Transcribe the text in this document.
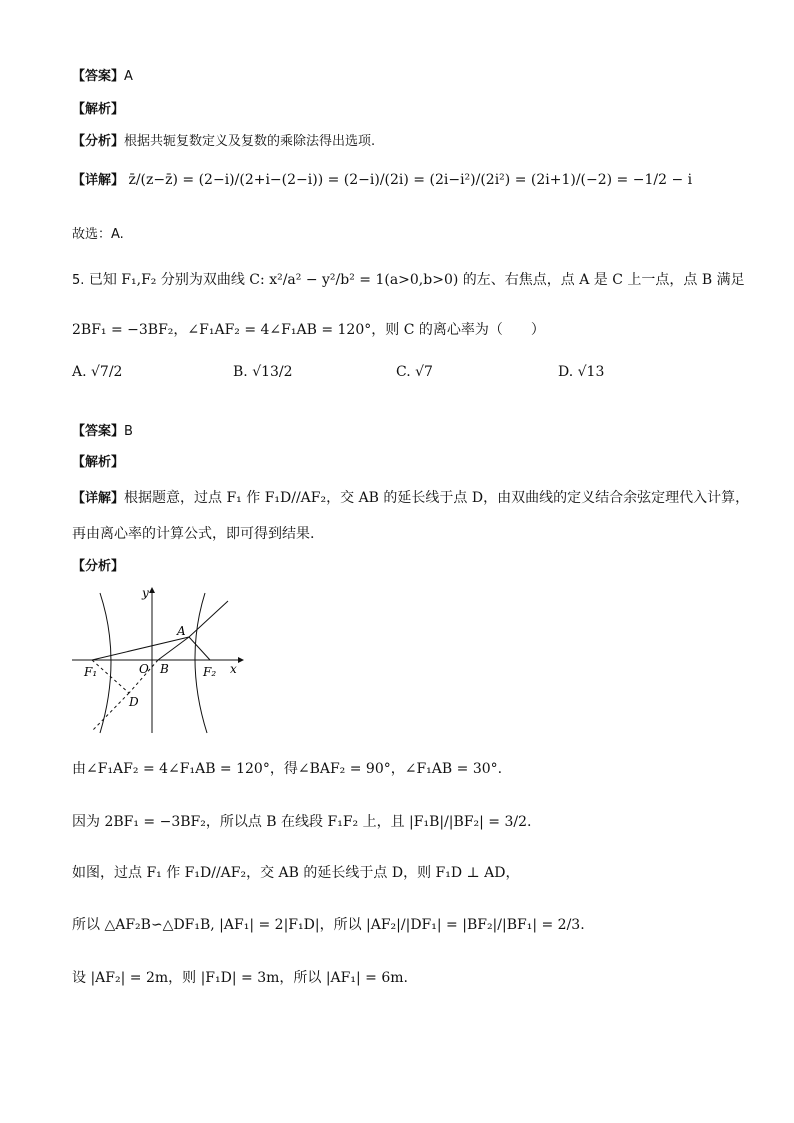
【答案】A
【解析】
【分析】根据共轭复数定义及复数的乘除法得出选项.
【详解】 z̄/(z−z̄) = (2−i)/(2+i−(2−i)) = (2−i)/(2i) = (2i−i²)/(2i²) = (2i+1)/(−2) = −1/2 − i
故选：A.
5. 已知 F₁,F₂ 分别为双曲线 C: x²/a² − y²/b² = 1(a>0,b>0) 的左、右焦点，点 A 是 C 上一点，点 B 满足
2BF₁ = −3BF₂，∠F₁AF₂ = 4∠F₁AB = 120°，则 C 的离心率为（　　）
A. √7/2	B. √13/2	C. √7	D. √13
【答案】B
【解析】
【详解】根据题意，过点 F₁ 作 F₁D//AF₂，交 AB 的延长线于点 D，由双曲线的定义结合余弦定理代入计算，
再由离心率的计算公式，即可得到结果.
【分析】
y
x
A
O B
F₁	F₂
D
由∠F₁AF₂ = 4∠F₁AB = 120°，得∠BAF₂ = 90°，∠F₁AB = 30°.
因为 2BF₁ = −3BF₂，所以点 B 在线段 F₁F₂ 上，且 |F₁B|/|BF₂| = 3/2.
如图，过点 F₁ 作 F₁D//AF₂，交 AB 的延长线于点 D，则 F₁D ⊥ AD，
所以 △AF₂B∽△DF₁B, |AF₁| = 2|F₁D|，所以 |AF₂|/|DF₁| = |BF₂|/|BF₁| = 2/3.
设 |AF₂| = 2m，则 |F₁D| = 3m，所以 |AF₁| = 6m.
